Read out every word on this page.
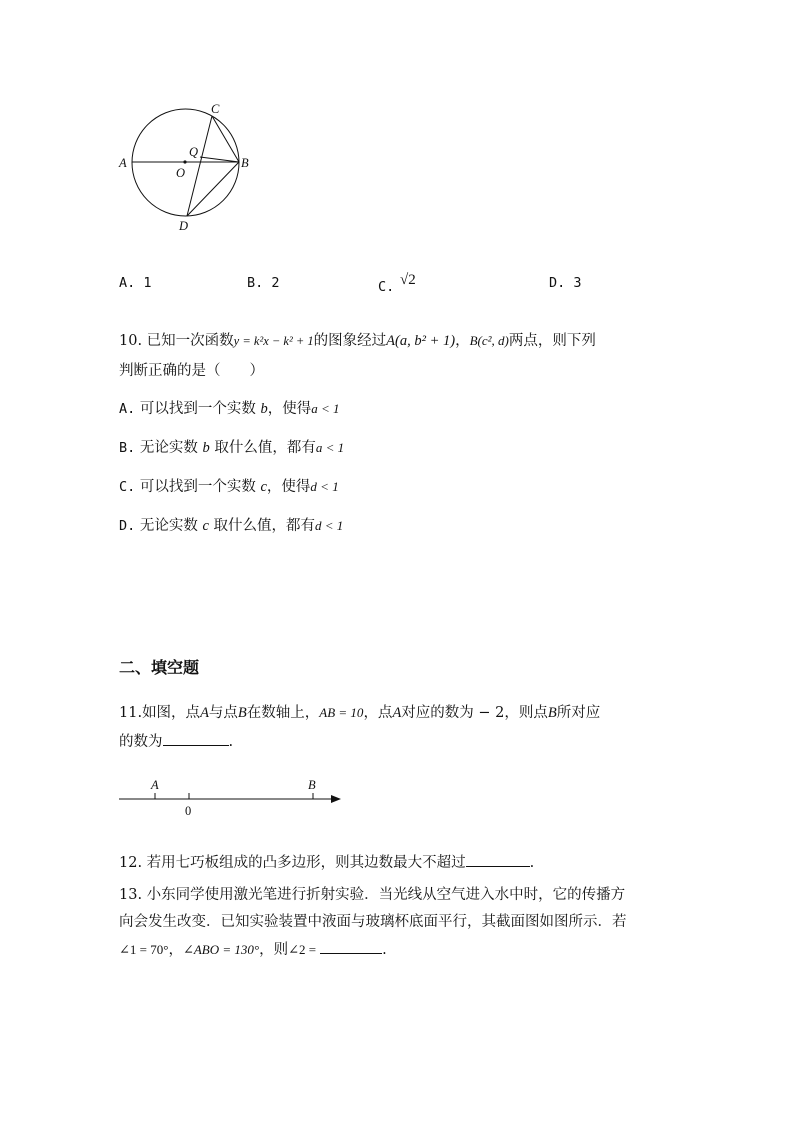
A	B
C
D
O
Q
A. 1	B. 2	C. √2	D. 3
10. 已知一次函数y = k²x − k² + 1的图象经过A(a, b² + 1)，B(c², d)两点，则下列
判断正确的是（　　）
A. 可以找到一个实数 b，使得a < 1
B. 无论实数 b 取什么值，都有a < 1
C. 可以找到一个实数 c，使得d < 1
D. 无论实数 c 取什么值，都有d < 1
二、填空题
11.如图，点A与点B在数轴上，AB = 10，点A对应的数为 − 2，则点B所对应
的数为	.
A	B
0
12. 若用七巧板组成的凸多边形，则其边数最大不超过	.
13. 小东同学使用激光笔进行折射实验．当光线从空气进入水中时，它的传播方
向会发生改变．已知实验装置中液面与玻璃杯底面平行，其截面图如图所示．若
∠1 = 70°，∠ABO = 130°，则∠2 =	.
